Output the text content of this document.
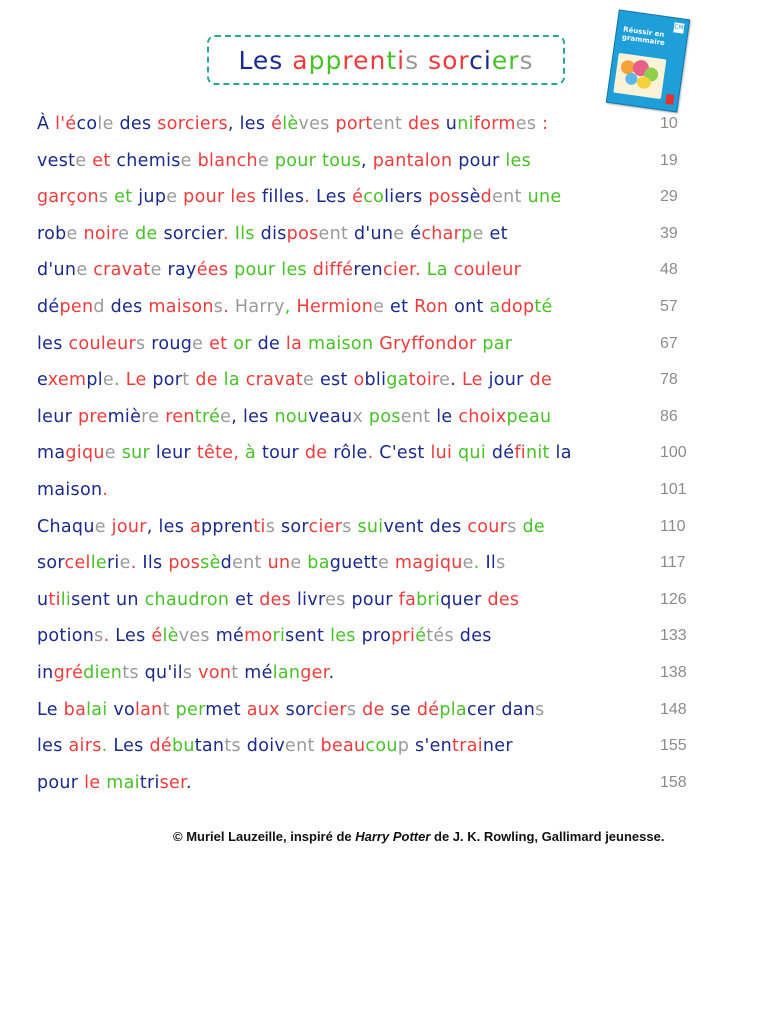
Les apprentis sorciers
CM
Réussir en grammaire
À l'école des sorciers, les élèves portent des uniformes :	10
veste et chemise blanche pour tous, pantalon pour les	19
garçons et jupe pour les filles. Les écoliers possèdent une	29
robe noire de sorcier. Ils disposent d'une écharpe et	39
d'une cravate rayées pour les différencier. La couleur	48
dépend des maisons. Harry, Hermione et Ron ont adopté	57
les couleurs rouge et or de la maison Gryffondor par	67
exemple. Le port de la cravate est obligatoire. Le jour de	78
leur première rentrée, les nouveaux posent le choixpeau	86
magique sur leur tête, à tour de rôle. C'est lui qui définit la	100
maison.	101
Chaque jour, les apprentis sorciers suivent des cours de	110
sorcellerie. Ils possèdent une baguette magique. Ils	117
utilisent un chaudron et des livres pour fabriquer des	126
potions. Les élèves mémorisent les propriétés des	133
ingrédients qu'ils vont mélanger.	138
Le balai volant permet aux sorciers de se déplacer dans	148
les airs. Les débutants doivent beaucoup s'entrainer	155
pour le maitriser.	158
© Muriel Lauzeille, inspiré de Harry Potter de J. K. Rowling, Gallimard jeunesse.
